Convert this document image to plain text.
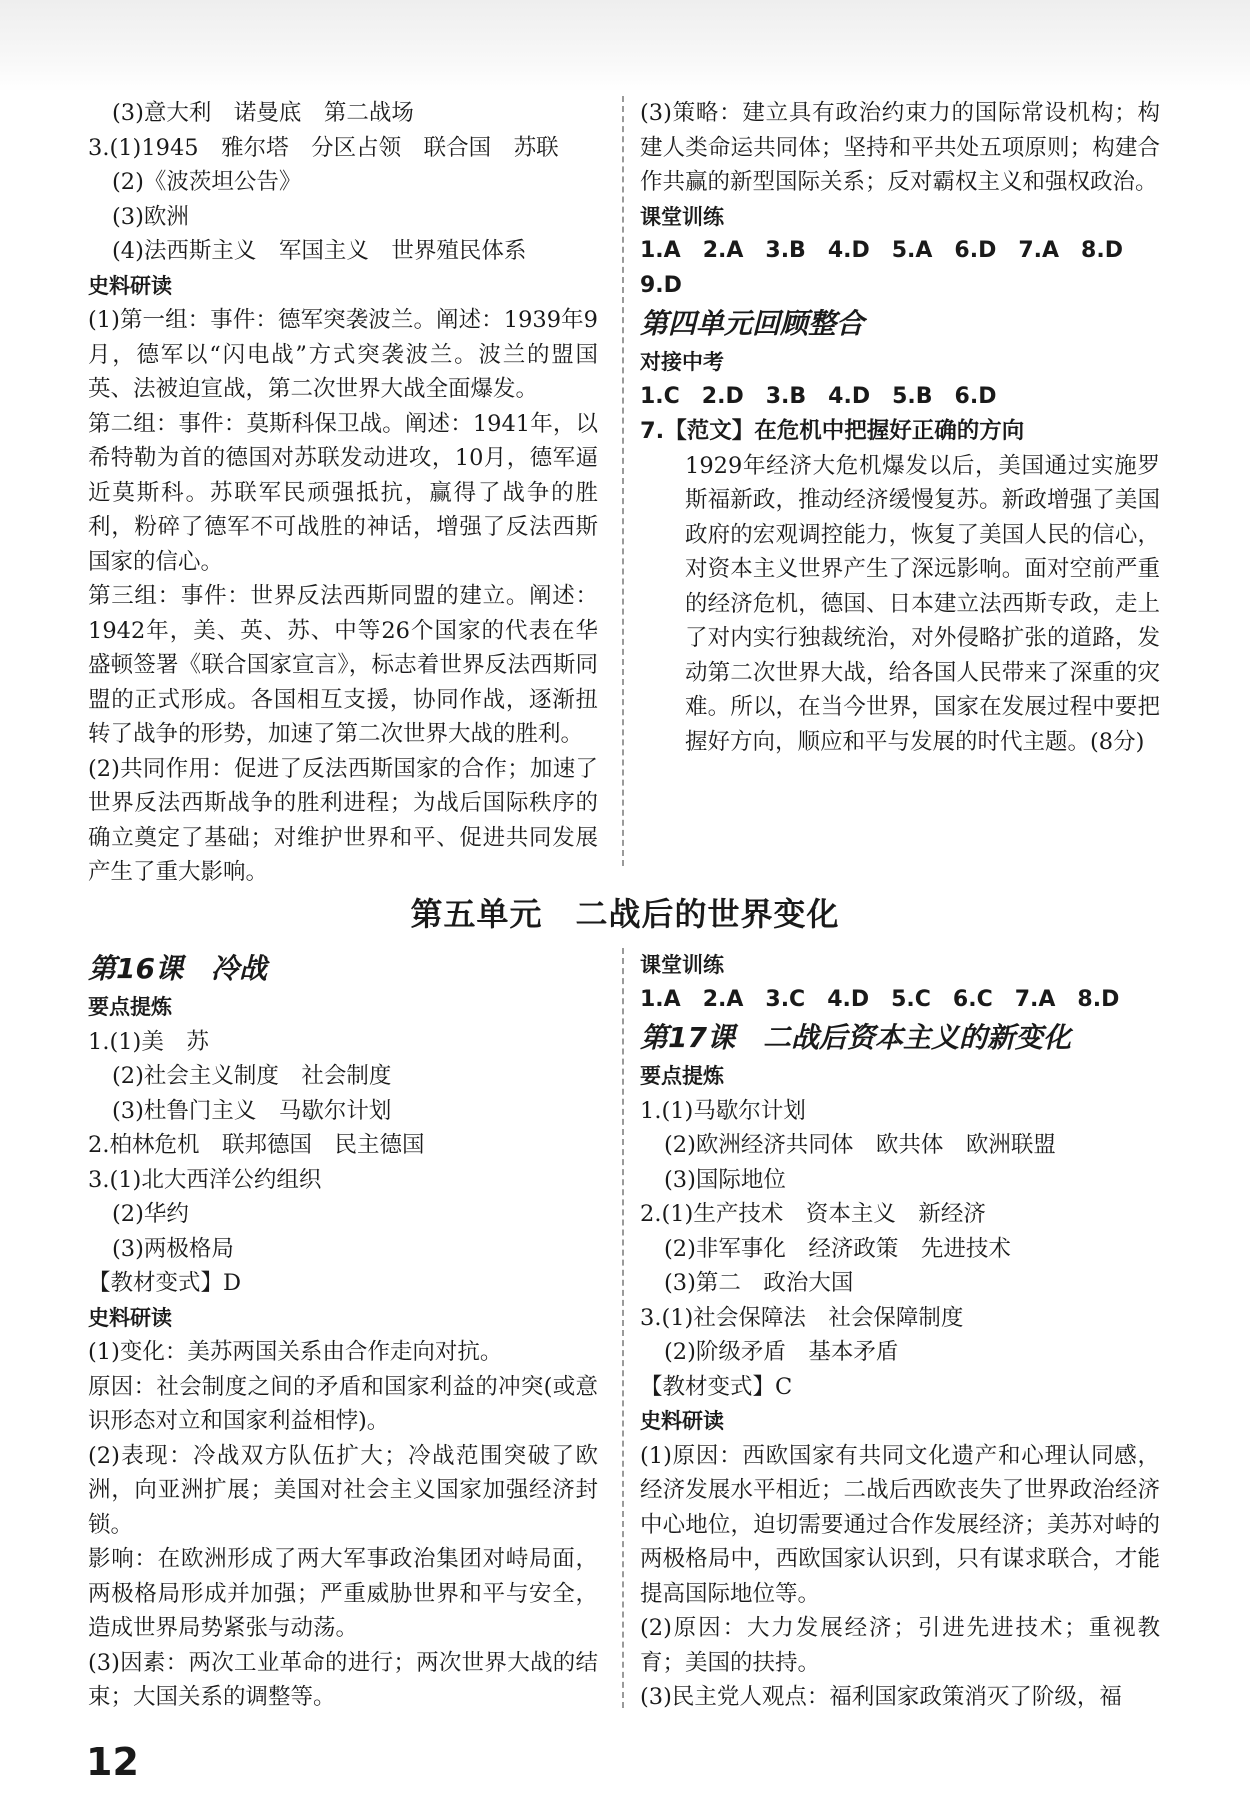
(3)意大利　诺曼底　第二战场
3.(1)1945　雅尔塔　分区占领　联合国　苏联
(2)《波茨坦公告》
(3)欧洲
(4)法西斯主义　军国主义　世界殖民体系
史料研读
(1)第一组：事件：德军突袭波兰。阐述：1939年9月，德军以“闪电战”方式突袭波兰。波兰的盟国英、法被迫宣战，第二次世界大战全面爆发。
第二组：事件：莫斯科保卫战。阐述：1941年，以希特勒为首的德国对苏联发动进攻，10月，德军逼近莫斯科。苏联军民顽强抵抗，赢得了战争的胜利，粉碎了德军不可战胜的神话，增强了反法西斯国家的信心。
第三组：事件：世界反法西斯同盟的建立。阐述：1942年，美、英、苏、中等26个国家的代表在华盛顿签署《联合国家宣言》，标志着世界反法西斯同盟的正式形成。各国相互支援，协同作战，逐渐扭转了战争的形势，加速了第二次世界大战的胜利。
(2)共同作用：促进了反法西斯国家的合作；加速了世界反法西斯战争的胜利进程；为战后国际秩序的确立奠定了基础；对维护世界和平、促进共同发展产生了重大影响。
(3)策略：建立具有政治约束力的国际常设机构；构建人类命运共同体；坚持和平共处五项原则；构建合作共赢的新型国际关系；反对霸权主义和强权政治。
课堂训练
1.A　2.A　3.B　4.D　5.A　6.D　7.A　8.D
9.D
第四单元回顾整合
对接中考
1.C　2.D　3.B　4.D　5.B　6.D
7.【范文】在危机中把握好正确的方向
1929年经济大危机爆发以后，美国通过实施罗斯福新政，推动经济缓慢复苏。新政增强了美国政府的宏观调控能力，恢复了美国人民的信心，对资本主义世界产生了深远影响。面对空前严重的经济危机，德国、日本建立法西斯专政，走上了对内实行独裁统治，对外侵略扩张的道路，发动第二次世界大战，给各国人民带来了深重的灾难。所以，在当今世界，国家在发展过程中要把握好方向，顺应和平与发展的时代主题。(8分)
第五单元　二战后的世界变化
第16课　冷战
要点提炼
1.(1)美　苏
(2)社会主义制度　社会制度
(3)杜鲁门主义　马歇尔计划
2.柏林危机　联邦德国　民主德国
3.(1)北大西洋公约组织
(2)华约
(3)两极格局
【教材变式】D
史料研读
(1)变化：美苏两国关系由合作走向对抗。
原因：社会制度之间的矛盾和国家利益的冲突(或意识形态对立和国家利益相悖)。
(2)表现：冷战双方队伍扩大；冷战范围突破了欧洲，向亚洲扩展；美国对社会主义国家加强经济封锁。
影响：在欧洲形成了两大军事政治集团对峙局面，两极格局形成并加强；严重威胁世界和平与安全，造成世界局势紧张与动荡。
(3)因素：两次工业革命的进行；两次世界大战的结束；大国关系的调整等。
课堂训练
1.A　2.A　3.C　4.D　5.C　6.C　7.A　8.D
第17课　二战后资本主义的新变化
要点提炼
1.(1)马歇尔计划
(2)欧洲经济共同体　欧共体　欧洲联盟
(3)国际地位
2.(1)生产技术　资本主义　新经济
(2)非军事化　经济政策　先进技术
(3)第二　政治大国
3.(1)社会保障法　社会保障制度
(2)阶级矛盾　基本矛盾
【教材变式】C
史料研读
(1)原因：西欧国家有共同文化遗产和心理认同感，经济发展水平相近；二战后西欧丧失了世界政治经济中心地位，迫切需要通过合作发展经济；美苏对峙的两极格局中，西欧国家认识到，只有谋求联合，才能提高国际地位等。
(2)原因：大力发展经济；引进先进技术；重视教育；美国的扶持。
(3)民主党人观点：福利国家政策消灭了阶级，福
12
